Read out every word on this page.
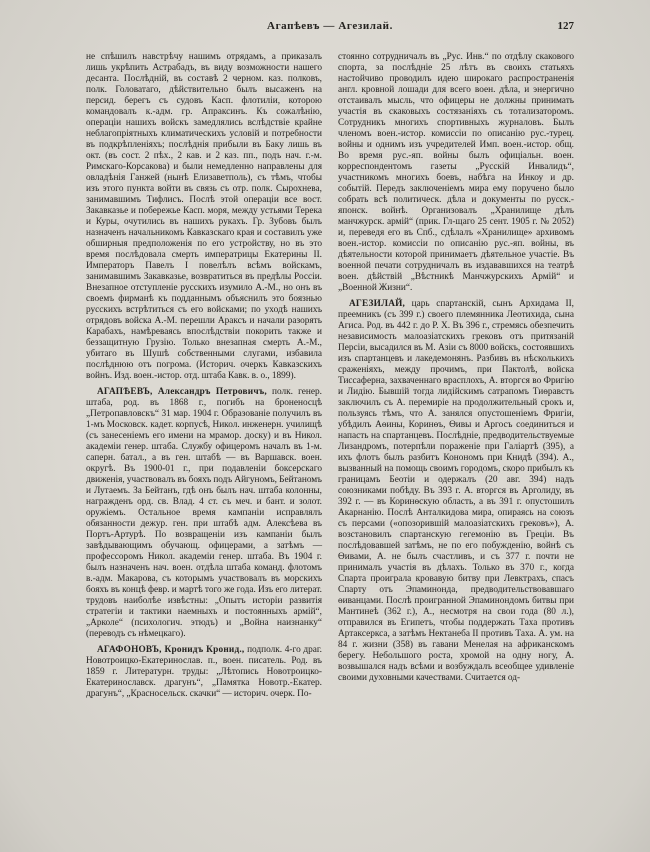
Агапѣевъ — Агезилай.	127

не спѣшилъ навстрѣчу нашимъ отрядамъ, а приказалъ лишь укрѣпить Астрабадъ, въ виду возможности нашего десанта. Послѣдній, въ составѣ 2 черном. каз. полковъ, полк. Головатаго, дѣйствительно былъ высаженъ на персид. берегъ съ судовъ Касп. флотиліи, которою командовалъ к.-адм. гр. Апраксинъ. Къ сожалѣнію, операціи нашихъ войскъ замедлялись вслѣдствіе крайне неблагопріятныхъ климатическихъ условій и потребности въ подкрѣпленіяхъ; послѣднія прибыли въ Баку лишь въ окт. (въ сост. 2 пѣх., 2 кав. и 2 каз. пп., подъ нач. г.-м. Римскаго-Корсакова) и были немедленно направлены для овладѣнія Ганжей (нынѣ Елизаветполь), съ тѣмъ, чтобы изъ этого пункта войти въ связь съ отр. полк. Сырохнева, занимавшимъ Тифлисъ. Послѣ этой операціи все вост. Закавказье и побережье Касп. моря, между устьями Терека и Куры, очутились въ нашихъ рукахъ. Гр. Зубовъ былъ назначенъ начальникомъ Кавказскаго края и составилъ уже обширныя предположенія по его устройству, но въ это время послѣдовала смерть императрицы Екатерины II. Императоръ Павелъ I повелѣлъ всѣмъ войскамъ, занимавшимъ Закавказье, возвратиться въ предѣлы Россіи. Внезапное отступленіе русскихъ изумило А.-М., но онъ въ своемъ фирманѣ къ подданнымъ объяснилъ это боязнью русскихъ встрѣтиться съ его войсками; по уходѣ нашихъ отрядовъ войска А.-М. перешли Араксъ и начали разорять Карабахъ, намѣреваясь впослѣдствіи покорить также и беззащитную Грузію. Только внезапная смерть А.-М., убитаго въ Шушѣ собственными слугами, избавила послѣднюю отъ погрома. (Историч. очеркъ Кавказскихъ войнъ. Изд. воен.-истор. отд. штаба Кавк. в. о., 1899).

АГАПѢЕВЪ, Александръ Петровичъ, полк. генер. штаба, род. въ 1868 г., погибъ на броненосцѣ „Петропавловскъ“ 31 мар. 1904 г. Образованіе получилъ въ 1-мъ Московск. кадет. корпусѣ, Никол. инженерн. училищѣ (съ занесеніемъ его имени на мрамор. доску) и въ Никол. академіи генер. штаба. Службу офицеромъ началъ въ 1-м. саперн. батал., а въ ген. штабѣ — въ Варшавск. воен. округѣ. Въ 1900-01 г., при подавленіи боксерскаго движенія, участвовалъ въ бояхъ подъ Айгуномъ, Бейтаномъ и Лутаемъ. За Бейтанъ, гдѣ онъ былъ нач. штаба колонны, награжденъ орд. св. Влад. 4 ст. съ меч. и бант. и золот. оружіемъ. Остальное время кампаніи исправлялъ обязанности дежур. ген. при штабѣ адм. Алексѣева въ Портъ-Артурѣ. По возвращеніи изъ кампаніи былъ завѣдывающимъ обучающ. офицерами, а затѣмъ — профессоромъ Никол. академіи генер. штаба. Въ 1904 г. былъ назначенъ нач. воен. отдѣла штаба команд. флотомъ в.-адм. Макарова, съ которымъ участвовалъ въ морскихъ бояхъ въ концѣ февр. и мартѣ того же года. Изъ его литерат. трудовъ наиболѣе извѣстны: „Опытъ исторіи развитія стратегіи и тактики наемныхъ и постоянныхъ армій“, „Арколе“ (психологич. этюдъ) и „Война наизнанку“ (переводъ съ нѣмецкаго).

АГАФОНОВЪ, Кронидъ Кронид., подполк. 4-го драг. Новотроицко-Екатеринослав. п., воен. писатель. Род. въ 1859 г. Литературн. труды: „Лѣтопись Новотроицко-Екатеринославск. драгунъ“, „Памятка Новотр.-Екатер. драгунъ“, „Красносельск. скачки“ — историч. очерк. По-

стоянно сотрудничалъ въ „Рус. Инв.“ по отдѣлу скакового спорта, за послѣдніе 25 лѣтъ въ своихъ статьяхъ настойчиво проводилъ идею широкаго распространенія англ. кровной лошади для всего воен. дѣла, и энергично отстаивалъ мысль, что офицеры не должны принимать участія въ скаковыхъ состязаніяхъ съ тотализаторомъ. Сотрудникъ многихъ спортивныхъ журналовъ. Былъ членомъ воен.-истор. комиссіи по описанію рус.-турец. войны и однимъ изъ учредителей Имп. воен.-истор. общ. Во время рус.-яп. войны былъ офиціальн. воен. корреспондентомъ газеты „Русскій Инвалидъ“, участникомъ многихъ боевъ, набѣга на Инкоу и др. событій. Передъ заключеніемъ мира ему поручено было собрать всѣ политическ. дѣла и документы по русск.-японск. войнѣ. Организовалъ „Хранилище дѣлъ манчжурск. армій“ (прик. Гл-щаго 25 сент. 1905 г. № 2052) и, переведя его въ Спб., сдѣлалъ «Хранилище» архивомъ воен.-истор. комиссіи по описанію рус.-яп. войны, въ дѣятельности которой принимаетъ дѣятельное участіе. Въ военной печати сотрудничалъ въ издававшихся на театрѣ воен. дѣйствій „Вѣстникѣ Манчжурскихъ Армій“ и „Военной Жизни“.

АГЕЗИЛАЙ, царь спартанскій, сынъ Архидама II, преемникъ (съ 399 г.) своего племянника Леотихида, сына Агиса. Род. въ 442 г. до Р. Х. Въ 396 г., стремясь обезпечить независимость малоазіатскихъ грековъ отъ притязаній Персіи, высадился въ М. Азіи съ 8000 войскъ, состоявшихъ изъ спартанцевъ и лакедемонянъ. Разбивъ въ нѣсколькихъ сраженіяхъ, между прочимъ, при Пактолѣ, войска Тиссаферна, захваченнаго врасплохъ, А. вторгся во Фригію и Лидію. Бывшій тогда лидійскимъ сатрапомъ Тиѳравстъ заключилъ съ А. перемиріе на продолжительный срокъ и, пользуясь тѣмъ, что А. занялся опустошеніемъ Фригіи, убѣдилъ Аѳины, Коринѳъ, Ѳивы и Аргосъ соединиться и напасть на спартанцевъ. Послѣдніе, предводительствуемые Лизандромъ, потерпѣли пораженіе при Галіартѣ (395), а ихъ флотъ былъ разбитъ Конономъ при Книдѣ (394). А., вызванный на помощь своимъ городомъ, скоро прибылъ къ границамъ Беотіи и одержалъ (20 авг. 394) надъ союзниками побѣду. Въ 393 г. А. вторгся въ Арголиду, въ 392 г. — въ Коринѳскую область, а въ 391 г. опустошилъ Акарнанію. Послѣ Анталкидова мира, опираясь на союзъ съ персами («опозорившій малоазіатскихъ грековъ»), А. возстановилъ спартанскую гегемонію въ Греціи. Въ послѣдовавшей затѣмъ, не по его побужденію, войнѣ съ Ѳивами, А. не былъ счастливъ, и съ 377 г. почти не принималъ участія въ дѣлахъ. Только въ 370 г., когда Спарта проиграла кровавую битву при Левктрахъ, спасъ Спарту отъ Эпаминонда, предводительствовавшаго ѳиванцами. Послѣ проигранной Эпаминондомъ битвы при Мантинеѣ (362 г.), А., несмотря на свои года (80 л.), отправился въ Египетъ, чтобы поддержать Таха противъ Артаксеркса, а затѣмъ Нектанеба II противъ Таха. А. ум. на 84 г. жизни (358) въ гавани Менелая на африканскомъ берегу. Небольшого роста, хромой на одну ногу, А. возвышался надъ всѣми и возбуждалъ всеобщее удивленіе своими духовными качествами. Считается од-
